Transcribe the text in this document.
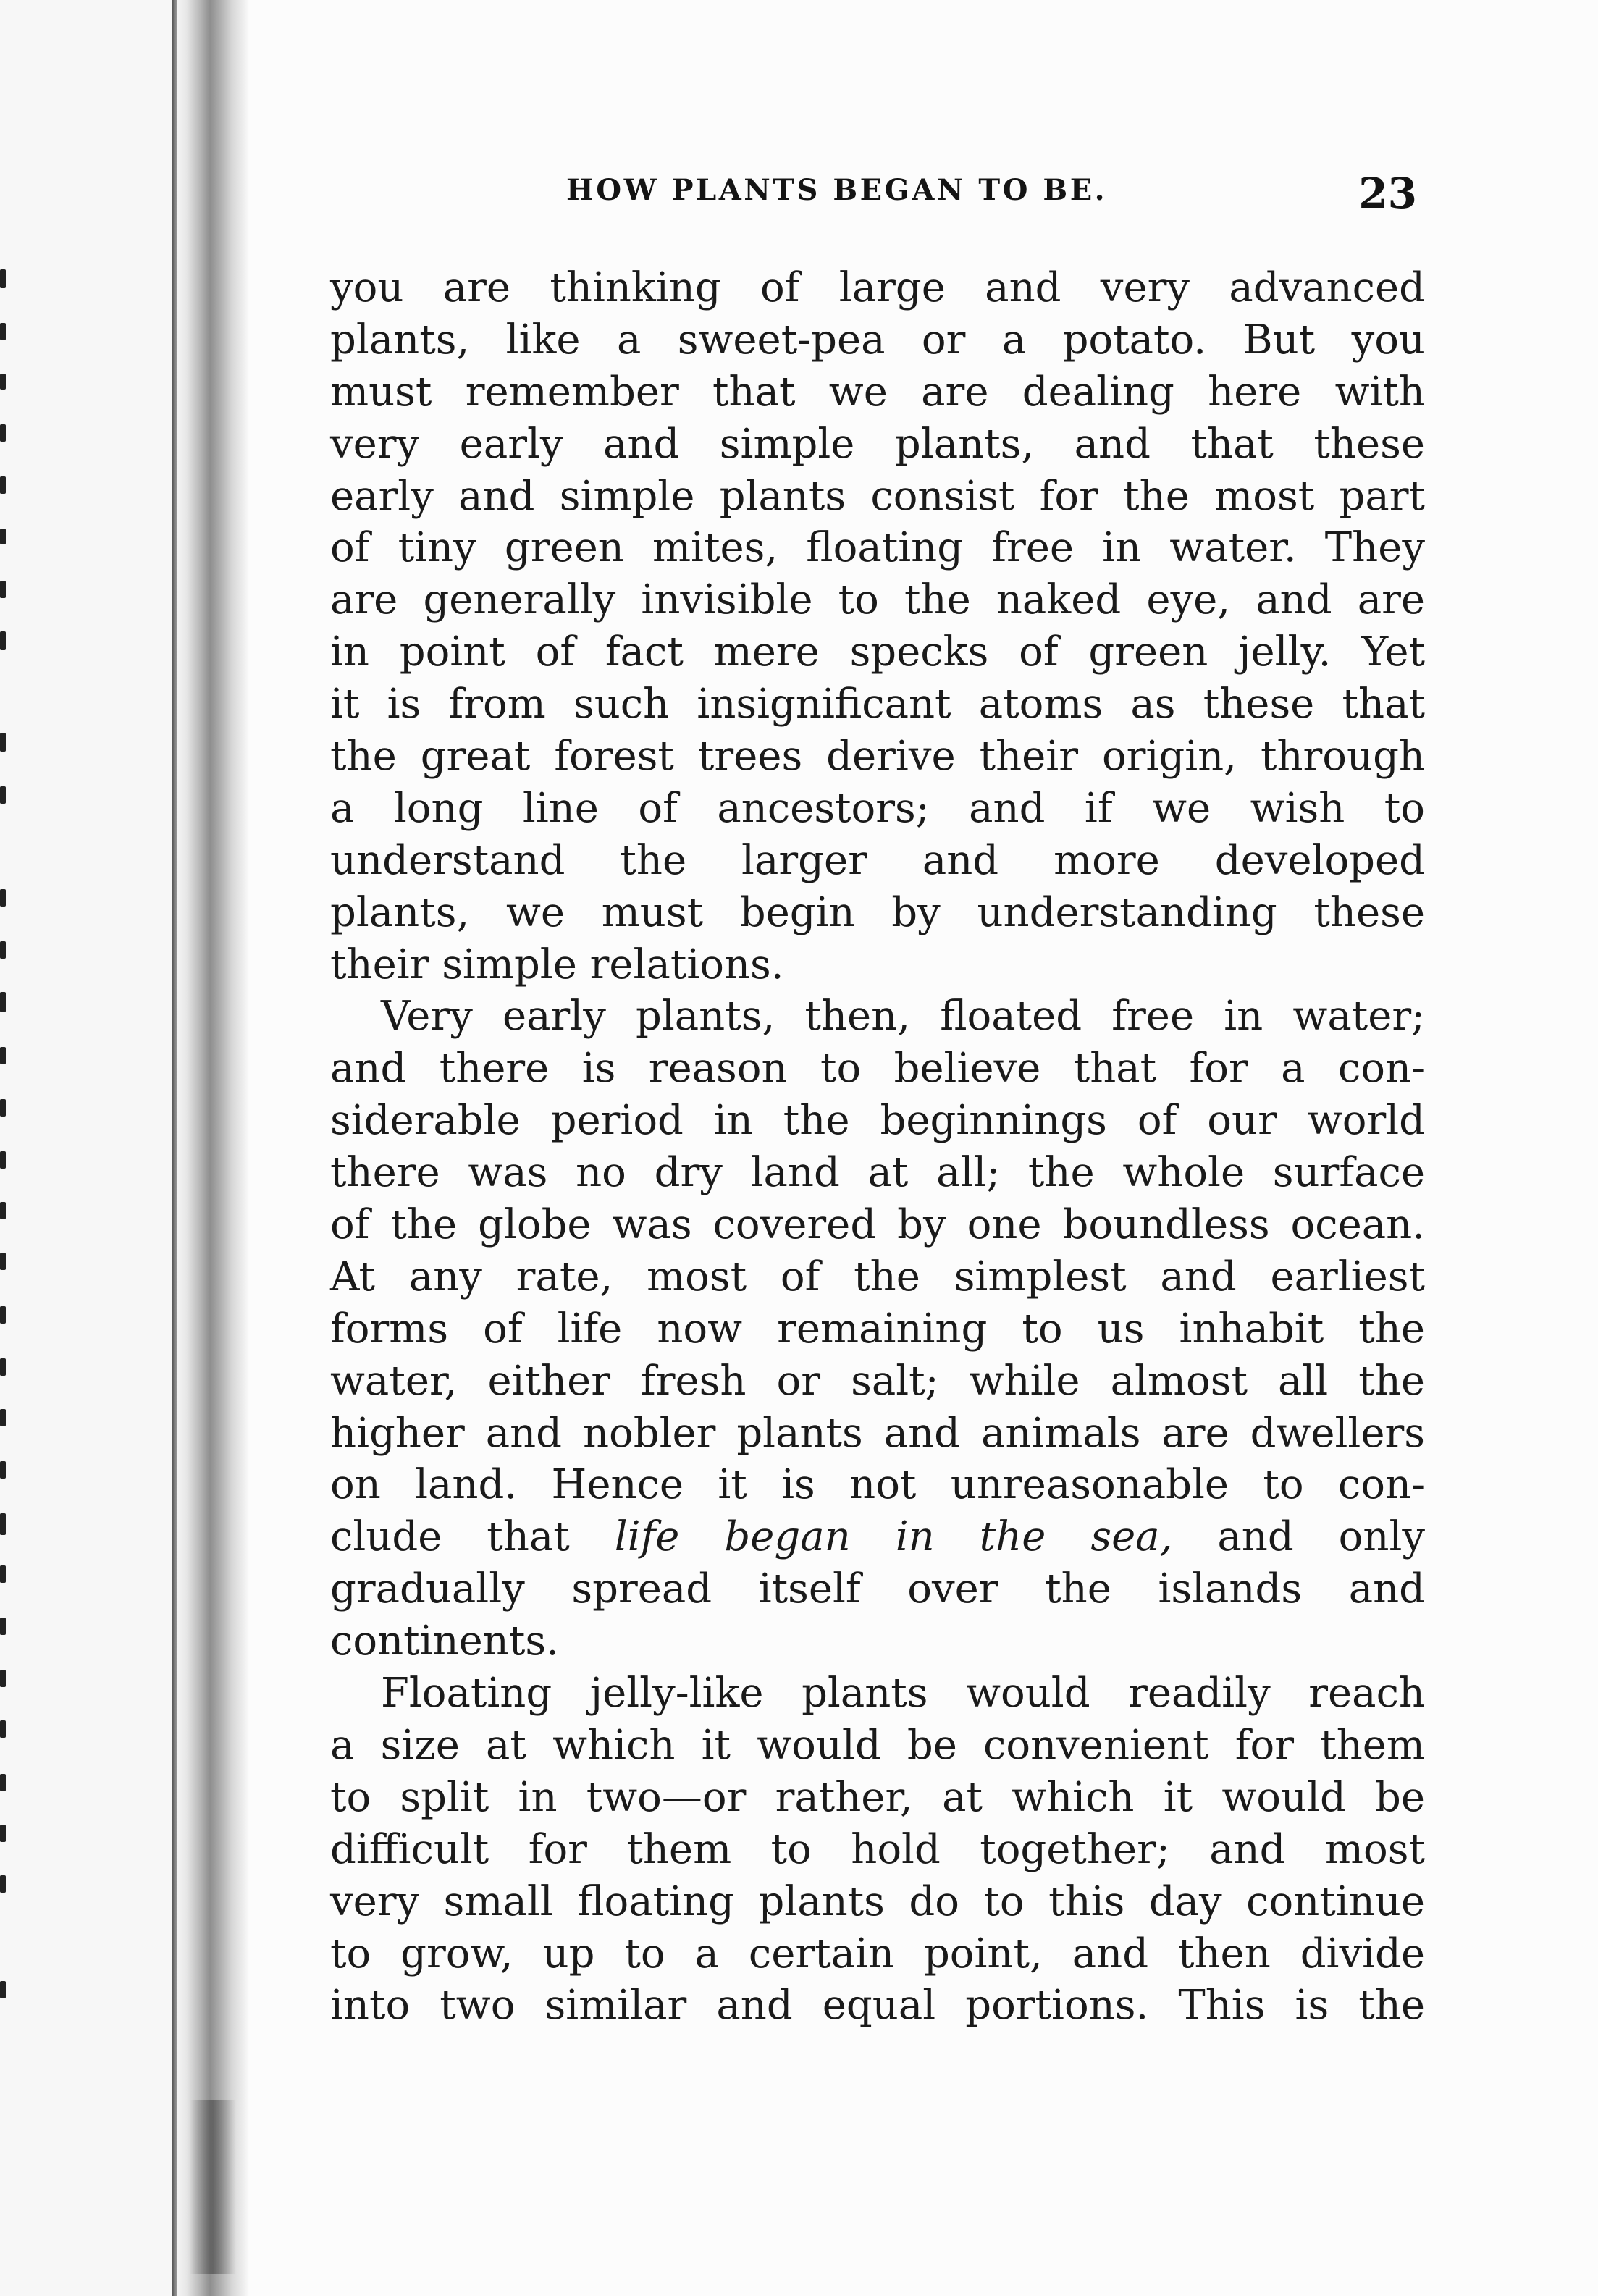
HOW PLANTS BEGAN TO BE.	23
you are thinking of large and very advanced
plants, like a sweet-pea or a potato. But you
must remember that we are dealing here with
very early and simple plants, and that these
early and simple plants consist for the most part
of tiny green mites, floating free in water. They
are generally invisible to the naked eye, and are
in point of fact mere specks of green jelly. Yet
it is from such insignificant atoms as these that
the great forest trees derive their origin, through
a long line of ancestors; and if we wish to
understand the larger and more developed
plants, we must begin by understanding these
their simple relations.
Very early plants, then, floated free in water;
and there is reason to believe that for a con-
siderable period in the beginnings of our world
there was no dry land at all; the whole surface
of the globe was covered by one boundless ocean.
At any rate, most of the simplest and earliest
forms of life now remaining to us inhabit the
water, either fresh or salt; while almost all the
higher and nobler plants and animals are dwellers
on land. Hence it is not unreasonable to con-
clude that life began in the sea, and only
gradually spread itself over the islands and
continents.
Floating jelly-like plants would readily reach
a size at which it would be convenient for them
to split in two—or rather, at which it would be
difficult for them to hold together; and most
very small floating plants do to this day continue
to grow, up to a certain point, and then divide
into two similar and equal portions. This is the
